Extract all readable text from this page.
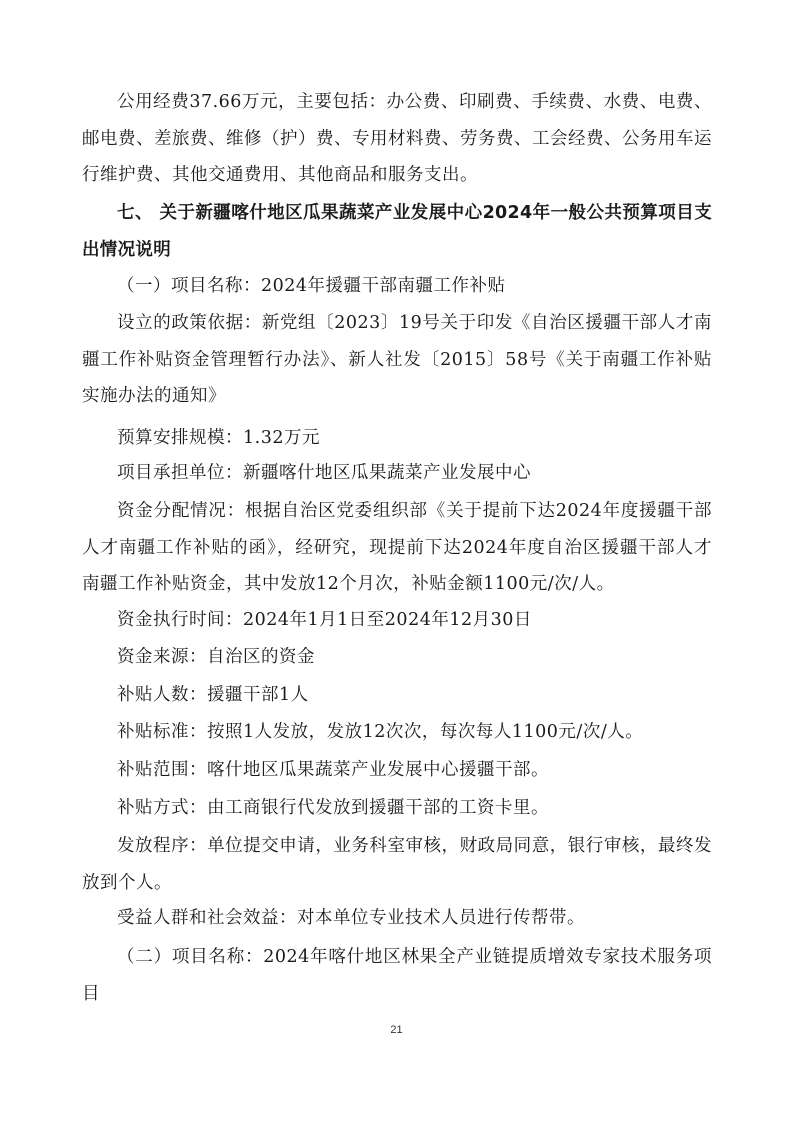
公用经费37.66万元，主要包括：办公费、印刷费、手续费、水费、电费、邮电费、差旅费、维修（护）费、专用材料费、劳务费、工会经费、公务用车运行维护费、其他交通费用、其他商品和服务支出。

七、 关于新疆喀什地区瓜果蔬菜产业发展中心2024年一般公共预算项目支出情况说明

（一）项目名称：2024年援疆干部南疆工作补贴

设立的政策依据：新党组〔2023〕19号关于印发《自治区援疆干部人才南疆工作补贴资金管理暂行办法》、新人社发〔2015〕58号《关于南疆工作补贴实施办法的通知》

预算安排规模：1.32万元

项目承担单位：新疆喀什地区瓜果蔬菜产业发展中心

资金分配情况：根据自治区党委组织部《关于提前下达2024年度援疆干部人才南疆工作补贴的函》，经研究，现提前下达2024年度自治区援疆干部人才南疆工作补贴资金，其中发放12个月次，补贴金额1100元/次/人。

资金执行时间：2024年1月1日至2024年12月30日

资金来源：自治区的资金

补贴人数：援疆干部1人

补贴标准：按照1人发放，发放12次次，每次每人1100元/次/人。

补贴范围：喀什地区瓜果蔬菜产业发展中心援疆干部。

补贴方式：由工商银行代发放到援疆干部的工资卡里。

发放程序：单位提交申请，业务科室审核，财政局同意，银行审核，最终发放到个人。

受益人群和社会效益：对本单位专业技术人员进行传帮带。

（二）项目名称：2024年喀什地区林果全产业链提质增效专家技术服务项目

21
